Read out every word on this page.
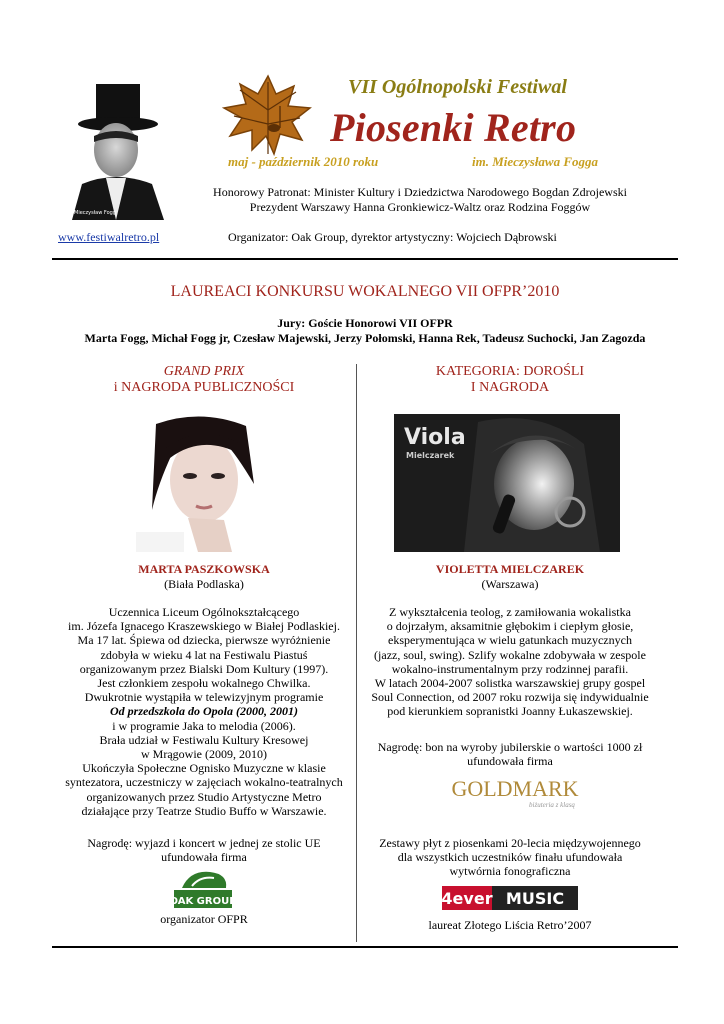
Mieczysław Fogg
VII Ogólnopolski Festiwal
Piosenki Retro
maj - październik 2010 roku	im. Mieczysława Fogga
Honorowy Patronat: Minister Kultury i Dziedzictwa Narodowego Bogdan Zdrojewski
Prezydent Warszawy Hanna Gronkiewicz-Waltz oraz Rodzina Foggów
www.festiwalretro.pl	Organizator: Oak Group, dyrektor artystyczny: Wojciech Dąbrowski
LAUREACI KONKURSU WOKALNEGO VII OFPR’2010
Jury: Goście Honorowi VII OFPR
Marta Fogg, Michał Fogg jr, Czesław Majewski, Jerzy Połomski, Hanna Rek, Tadeusz Suchocki, Jan Zagozda
GRAND PRIX
i NAGRODA PUBLICZNOŚCI
MARTA PASZKOWSKA
(Biała Podlaska)
Uczennica Liceum Ogólnokształcącego
im. Józefa Ignacego Kraszewskiego w Białej Podlaskiej.
Ma 17 lat. Śpiewa od dziecka, pierwsze wyróżnienie
zdobyła w wieku 4 lat na Festiwalu Piastuś
organizowanym przez Bialski Dom Kultury (1997).
Jest członkiem zespołu wokalnego Chwilka.
Dwukrotnie wystąpiła w telewizyjnym programie
Od przedszkola do Opola (2000, 2001)
i w programie Jaka to melodia (2006).
Brała udział w Festiwalu Kultury Kresowej
w Mrągowie (2009, 2010)
Ukończyła Społeczne Ognisko Muzyczne w klasie
syntezatora, uczestniczy w zajęciach wokalno-teatralnych
organizowanych przez Studio Artystyczne Metro
działające przy Teatrze Studio Buffo w Warszawie.
Nagrodę: wyjazd i koncert w jednej ze stolic UE
ufundowała firma
OAK GROUP
organizator OFPR
KATEGORIA: DOROŚLI
I NAGRODA
Viola
Mielczarek
VIOLETTA MIELCZAREK
(Warszawa)
Z wykształcenia teolog, z zamiłowania wokalistka
o dojrzałym, aksamitnie głębokim i ciepłym głosie,
eksperymentująca w wielu gatunkach muzycznych
(jazz, soul, swing). Szlify wokalne zdobywała w zespole
wokalno-instrumentalnym przy rodzinnej parafii.
W latach 2004-2007 solistka warszawskiej grupy gospel
Soul Connection, od 2007 roku rozwija się indywidualnie
pod kierunkiem sopranistki Joanny Łukaszewskiej.
Nagrodę: bon na wyroby jubilerskie o wartości 1000 zł
ufundowała firma
GOLDMARK
biżuteria z klasą
Zestawy płyt z piosenkami 20-lecia międzywojennego
dla wszystkich uczestników finału ufundowała
wytwórnia fonograficzna
4ever MUSIC
laureat Złotego Liścia Retro’2007
